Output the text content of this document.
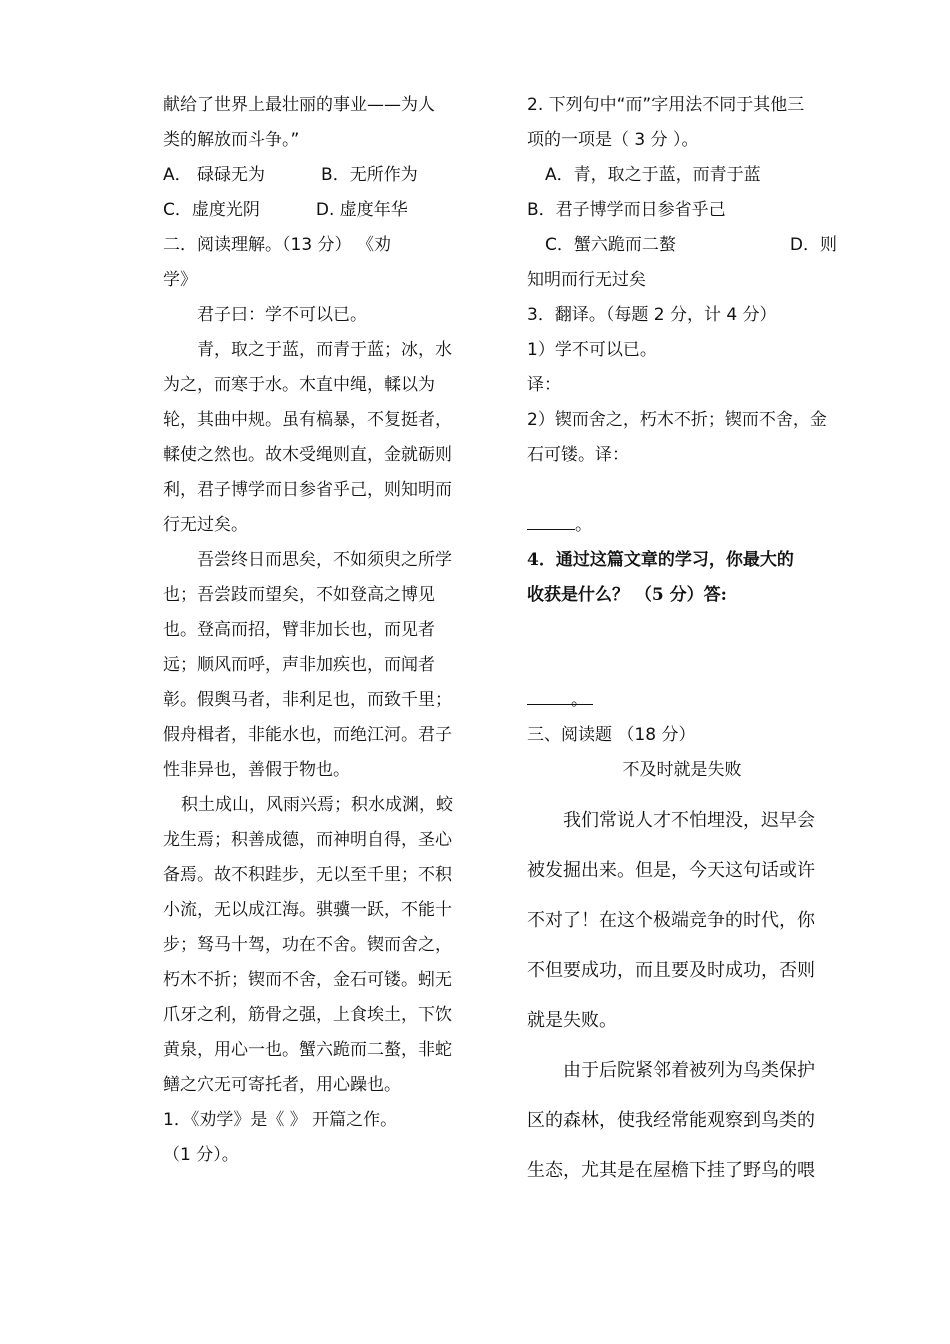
献给了世界上最壮丽的事业——为人
类的解放而斗争。”
A． 碌碌无为	B．无所作为
C．虚度光阴	D. 虚度年华
二．阅读理解。（13 分） 《劝
学》
君子曰：学不可以已。
青，取之于蓝，而青于蓝；冰，水
为之，而寒于水。木直中绳，輮以为
轮，其曲中规。虽有槁暴，不复挺者，
輮使之然也。故木受绳则直，金就砺则
利，君子博学而日参省乎己，则知明而
行无过矣。
吾尝终日而思矣，不如须臾之所学
也；吾尝跂而望矣，不如登高之博见
也。登高而招，臂非加长也，而见者
远；顺风而呼，声非加疾也，而闻者
彰。假舆马者，非利足也，而致千里；
假舟楫者，非能水也，而绝江河。君子
性非异也，善假于物也。
积土成山，风雨兴焉；积水成渊，蛟
龙生焉；积善成德，而神明自得，圣心
备焉。故不积跬步，无以至千里；不积
小流，无以成江海。骐骥一跃，不能十
步；驽马十驾，功在不舍。锲而舍之，
朽木不折；锲而不舍，金石可镂。蚓无
爪牙之利，筋骨之强，上食埃土，下饮
黄泉，用心一也。蟹六跪而二螯，非蛇
鳝之穴无可寄托者，用心躁也。
1．《劝学》是《 》 开篇之作。
（1 分）。
2. 下列句中“而”字用法不同于其他三
项的一项是（ 3 分 ）。
A．青，取之于蓝，而青于蓝
B．君子博学而日参省乎己
C．蟹六跪而二螯	D．则
知明而行无过矣
3．翻译。（每题 2 分，计 4 分）
1）学不可以已。
译：
2）锲而舍之，朽木不折；锲而不舍，金
石可镂。译：
。
4．通过这篇文章的学习，你最大的
收获是什么？ （5 分）答:
。
三、阅读题 （18 分）
不及时就是失败

我们常说人才不怕埋没，迟早会

被发掘出来。但是，今天这句话或许

不对了！在这个极端竞争的时代，你

不但要成功，而且要及时成功，否则

就是失败。

由于后院紧邻着被列为鸟类保护

区的森林，使我经常能观察到鸟类的

生态，尤其是在屋檐下挂了野鸟的喂
